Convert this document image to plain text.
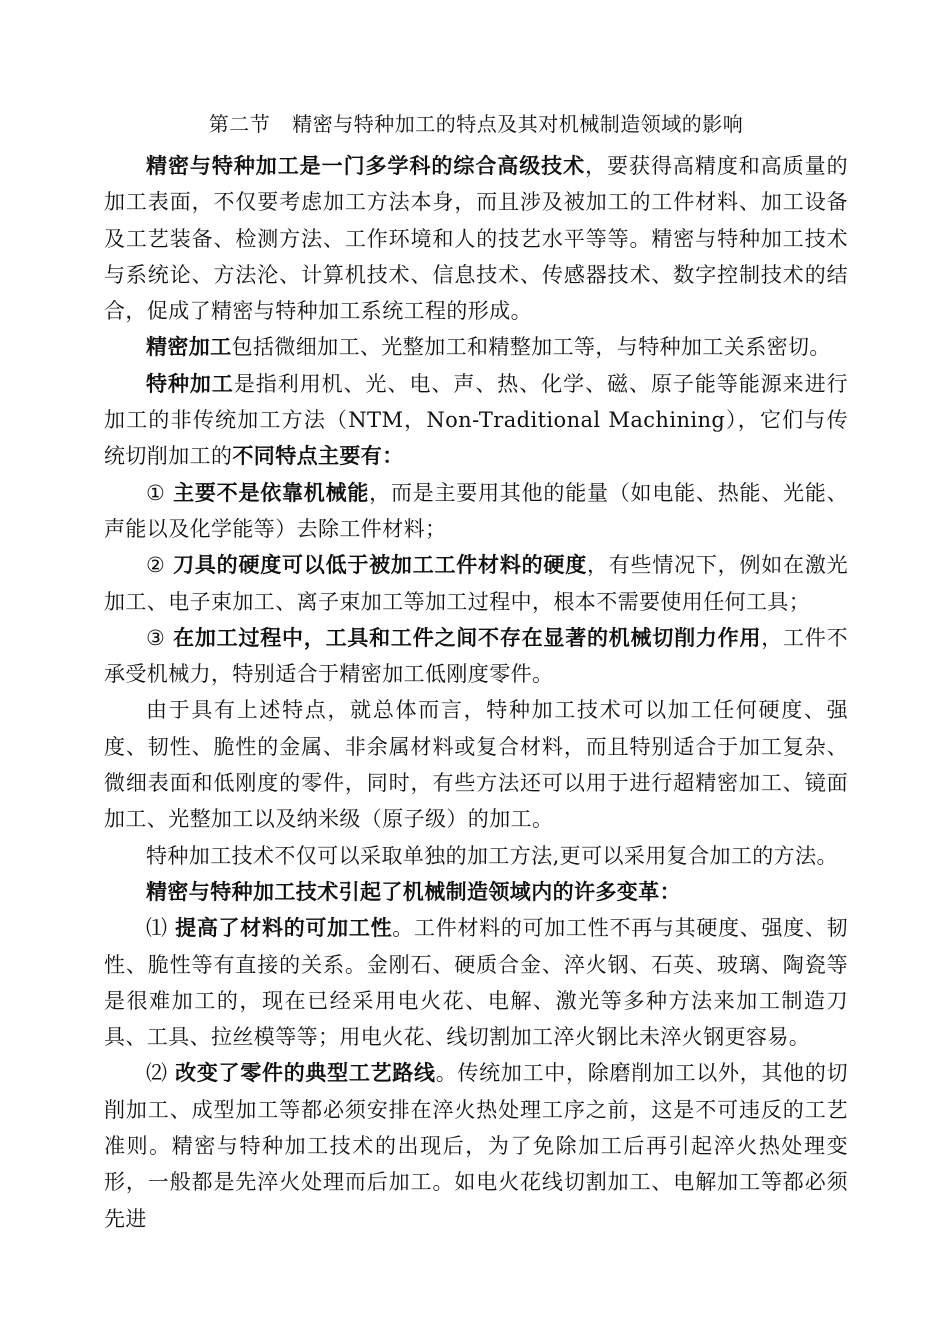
第二节 精密与特种加工的特点及其对机械制造领域的影响

精密与特种加工是一门多学科的综合高级技术，要获得高精度和高质量的加工表面，不仅要考虑加工方法本身，而且涉及被加工的工件材料、加工设备及工艺装备、检测方法、工作环境和人的技艺水平等等。精密与特种加工技术与系统论、方法沦、计算机技术、信息技术、传感器技术、数字控制技术的结合，促成了精密与特种加工系统工程的形成。

精密加工包括微细加工、光整加工和精整加工等，与特种加工关系密切。

特种加工是指利用机、光、电、声、热、化学、磁、原子能等能源来进行加工的非传统加工方法（NTM，Non-Traditional Machining），它们与传统切削加工的不同特点主要有：

① 主要不是依靠机械能，而是主要用其他的能量（如电能、热能、光能、声能以及化学能等）去除工件材料；

② 刀具的硬度可以低于被加工工件材料的硬度，有些情况下，例如在激光加工、电子束加工、离子束加工等加工过程中，根本不需要使用任何工具；

③ 在加工过程中，工具和工件之间不存在显著的机械切削力作用，工件不承受机械力，特别适合于精密加工低刚度零件。

由于具有上述特点，就总体而言，特种加工技术可以加工任何硬度、强度、韧性、脆性的金属、非余属材料或复合材料，而且特别适合于加工复杂、微细表面和低刚度的零件，同时，有些方法还可以用于进行超精密加工、镜面加工、光整加工以及纳米级（原子级）的加工。

特种加工技术不仅可以采取单独的加工方法,更可以采用复合加工的方法。

精密与特种加工技术引起了机械制造领域内的许多变革：

⑴ 提高了材料的可加工性。工件材料的可加工性不再与其硬度、强度、韧性、脆性等有直接的关系。金刚石、硬质合金、淬火钢、石英、玻璃、陶瓷等是很难加工的，现在已经采用电火花、电解、激光等多种方法来加工制造刀具、工具、拉丝模等等；用电火花、线切割加工淬火钢比未淬火钢更容易。

⑵ 改变了零件的典型工艺路线。传统加工中，除磨削加工以外，其他的切削加工、成型加工等都必须安排在淬火热处理工序之前，这是不可违反的工艺准则。精密与特种加工技术的出现后，为了免除加工后再引起淬火热处理变形，一般都是先淬火处理而后加工。如电火花线切割加工、电解加工等都必须先进
